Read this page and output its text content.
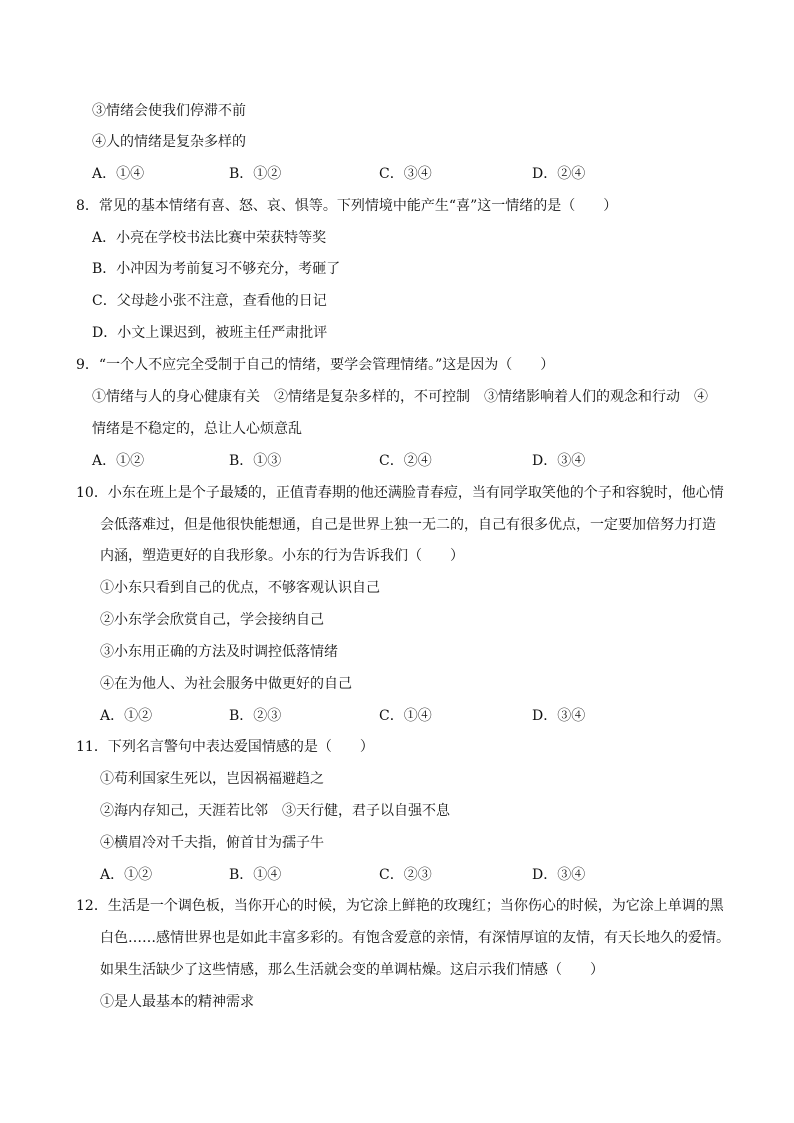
③情绪会使我们停滞不前
④人的情绪是复杂多样的
A．①④	B．①②	C．③④	D．②④
8．常见的基本情绪有喜、怒、哀、惧等。下列情境中能产生“喜”这一情绪的是（　　）
A．小亮在学校书法比赛中荣获特等奖
B．小冲因为考前复习不够充分，考砸了
C．父母趁小张不注意，查看他的日记
D．小文上课迟到，被班主任严肃批评
9．“一个人不应完全受制于自己的情绪，要学会管理情绪。”这是因为（　　）
①情绪与人的身心健康有关　②情绪是复杂多样的，不可控制　③情绪影响着人们的观念和行动　④
情绪是不稳定的，总让人心烦意乱
A．①②	B．①③	C．②④	D．③④
10．小东在班上是个子最矮的，正值青春期的他还满脸青春痘，当有同学取笑他的个子和容貌时，他心情
会低落难过，但是他很快能想通，自己是世界上独一无二的，自己有很多优点，一定要加倍努力打造
内涵，塑造更好的自我形象。小东的行为告诉我们（　　）
①小东只看到自己的优点，不够客观认识自己
②小东学会欣赏自己，学会接纳自己
③小东用正确的方法及时调控低落情绪
④在为他人、为社会服务中做更好的自己
A．①②	B．②③	C．①④	D．③④
11．下列名言警句中表达爱国情感的是（　　）
①苟利国家生死以，岂因祸福避趋之
②海内存知己，天涯若比邻　③天行健，君子以自强不息
④横眉冷对千夫指，俯首甘为孺子牛
A．①②	B．①④	C．②③	D．③④
12．生活是一个调色板，当你开心的时候，为它涂上鲜艳的玫瑰红；当你伤心的时候，为它涂上单调的黑
白色……感情世界也是如此丰富多彩的。有饱含爱意的亲情，有深情厚谊的友情，有天长地久的爱情。
如果生活缺少了这些情感，那么生活就会变的单调枯燥。这启示我们情感（　　）
①是人最基本的精神需求
